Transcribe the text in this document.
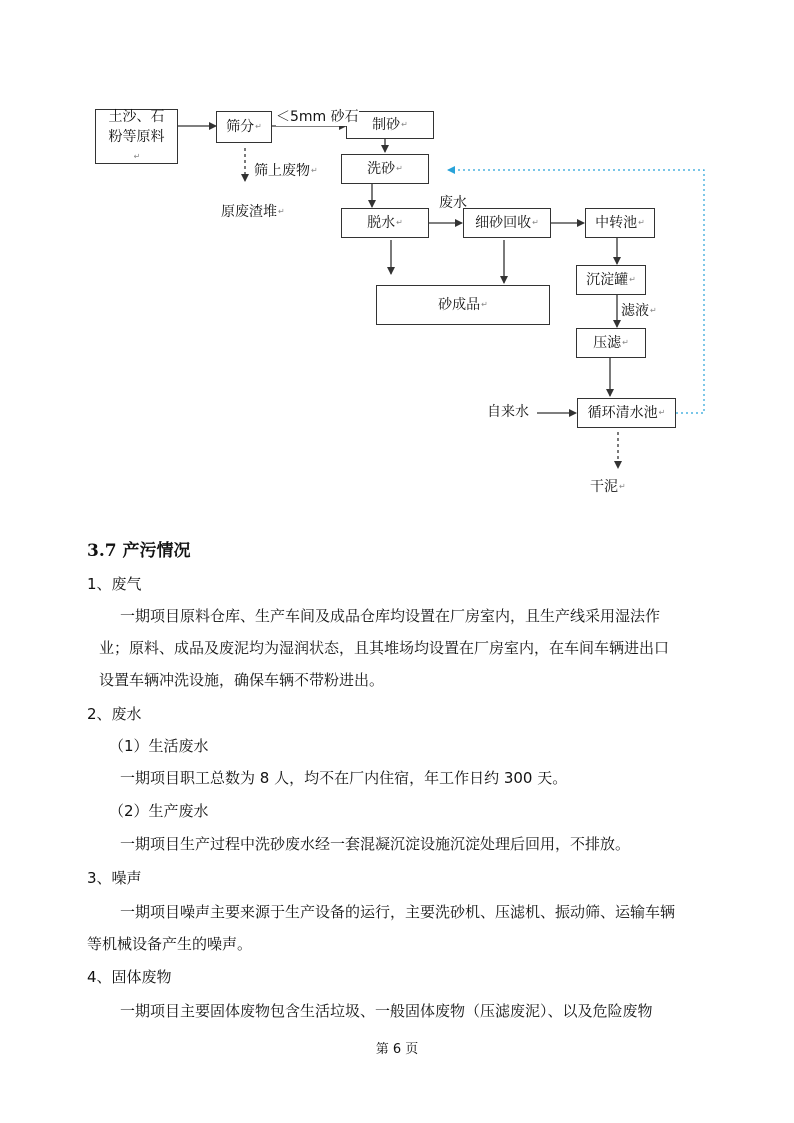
土沙、石
粉等原料
↵
筛分 ↵	制砂 ↵
洗砂 ↵
脱水 ↵	细砂回收 ↵	中转池 ↵
沉淀罐 ↵
压滤 ↵
循环清水池 ↵
砂成品 ↵
＜5mm 砂石
筛上废物↵
原废渣堆↵
废水
滤液↵
自来水
干泥↵
3.7 产污情况
1、废气
一期项目原料仓库、生产车间及成品仓库均设置在厂房室内，且生产线采用湿法作
业；原料、成品及废泥均为湿润状态，且其堆场均设置在厂房室内，在车间车辆进出口
设置车辆冲洗设施，确保车辆不带粉进出。
2、废水
（1）生活废水
一期项目职工总数为 8 人，均不在厂内住宿，年工作日约 300 天。
（2）生产废水
一期项目生产过程中洗砂废水经一套混凝沉淀设施沉淀处理后回用，不排放。
3、噪声
一期项目噪声主要来源于生产设备的运行，主要洗砂机、压滤机、振动筛、运输车辆
等机械设备产生的噪声。
4、固体废物
一期项目主要固体废物包含生活垃圾、一般固体废物（压滤废泥）、以及危险废物
第 6 页
